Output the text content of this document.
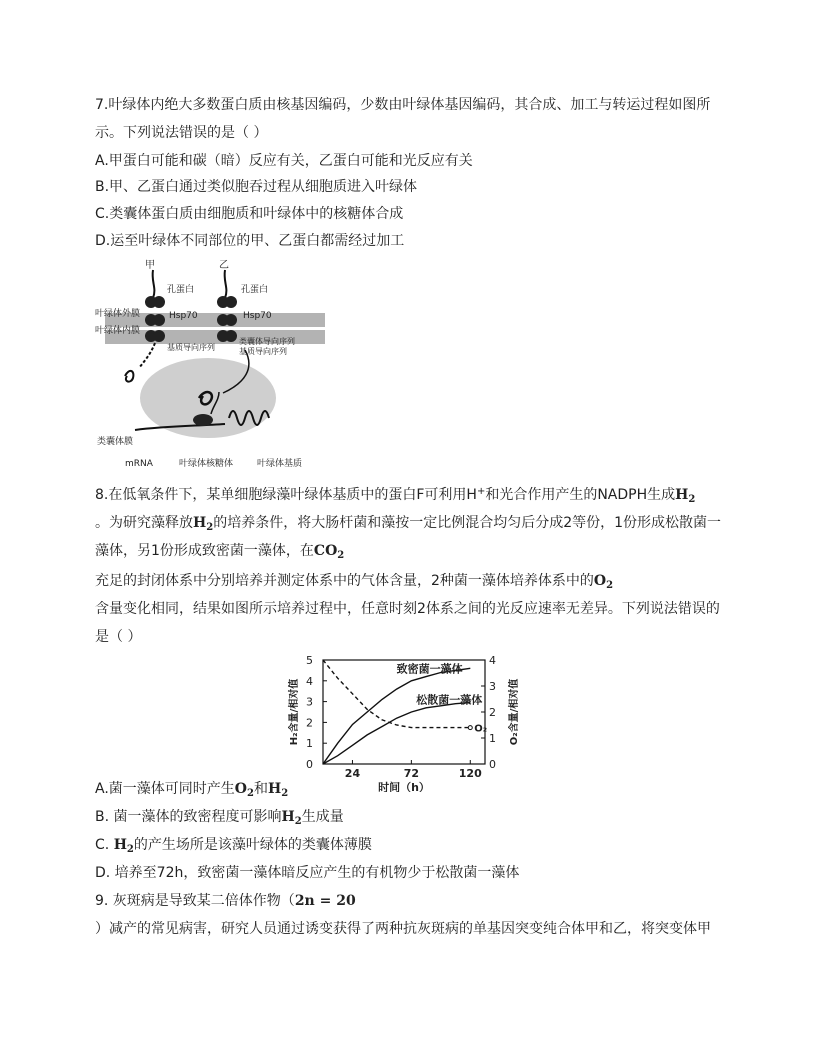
7.叶绿体内绝大多数蛋白质由核基因编码，少数由叶绿体基因编码，其合成、加工与转运过程如图所
示。下列说法错误的是（ ）
A.甲蛋白可能和碳（暗）反应有关，乙蛋白可能和光反应有关
B.甲、乙蛋白通过类似胞吞过程从细胞质进入叶绿体
C.类囊体蛋白质由细胞质和叶绿体中的核糖体合成
D.运至叶绿体不同部位的甲、乙蛋白都需经过加工
甲	乙
孔蛋白	孔蛋白
叶绿体外膜
叶绿体内膜
Hsp70	Hsp70
基质导向序列
类囊体导向序列
基质导向序列
类囊体膜
mRNA	叶绿体核糖体	叶绿体基质
8.在低氧条件下，某单细胞绿藻叶绿体基质中的蛋白F可利用H+和光合作用产生的NADPH生成$H_2$
。为研究藻释放$H_2$的培养条件，将大肠杆菌和藻按一定比例混合均匀后分成2等份，1份形成松散菌一
藻体，另1份形成致密菌一藻体，在$CO_2$
充足的封闭体系中分别培养并测定体系中的气体含量，2种菌一藻体培养体系中的$O_2$
含量变化相同，结果如图所示培养过程中，任意时刻2体系之间的光反应速率无差异。下列说法错误的
是（ ）
0
1
2
3
4
5
0
1
2
3
4
24	72	120
时间（h）
H₂含量/相对值	O₂含量/相对值
致密菌一藻体
松散菌一藻体
O₂
A.菌一藻体可同时产生$O_2$和$H_2$
B. 菌一藻体的致密程度可影响$H_2$生成量
C. $H_2$的产生场所是该藻叶绿体的类囊体薄膜
D. 培养至72h，致密菌一藻体暗反应产生的有机物少于松散菌一藻体
9. 灰斑病是导致某二倍体作物（2n = 20
）减产的常见病害，研究人员通过诱变获得了两种抗灰斑病的单基因突变纯合体甲和乙，将突变体甲
